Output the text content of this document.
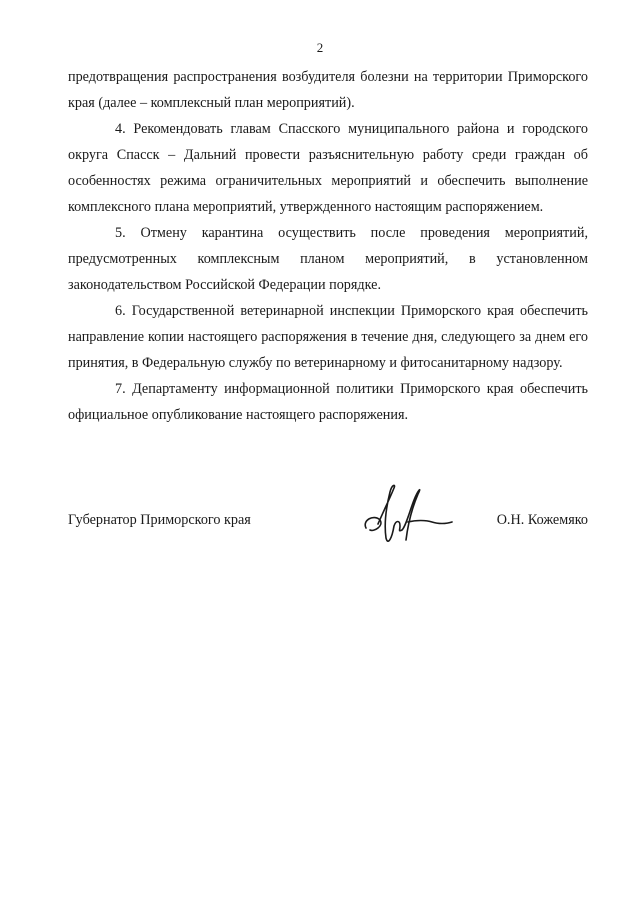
2

предотвращения распространения возбудителя болезни на территории Приморского края (далее – комплексный план мероприятий).

4. Рекомендовать главам Спасского муниципального района и городского округа Спасск – Дальний провести разъяснительную работу среди граждан об особенностях режима ограничительных мероприятий и обеспечить выполнение комплексного плана мероприятий, утвержденного настоящим распоряжением.

5. Отмену карантина осуществить после проведения мероприятий, предусмотренных комплексным планом мероприятий, в установленном законодательством Российской Федерации порядке.

6. Государственной ветеринарной инспекции Приморского края обеспечить направление копии настоящего распоряжения в течение дня, следующего за днем его принятия, в Федеральную службу по ветеринарному и фитосанитарному надзору.

7. Департаменту информационной политики Приморского края обеспечить официальное опубликование настоящего распоряжения.

Губернатор Приморского края	О.Н. Кожемяко
